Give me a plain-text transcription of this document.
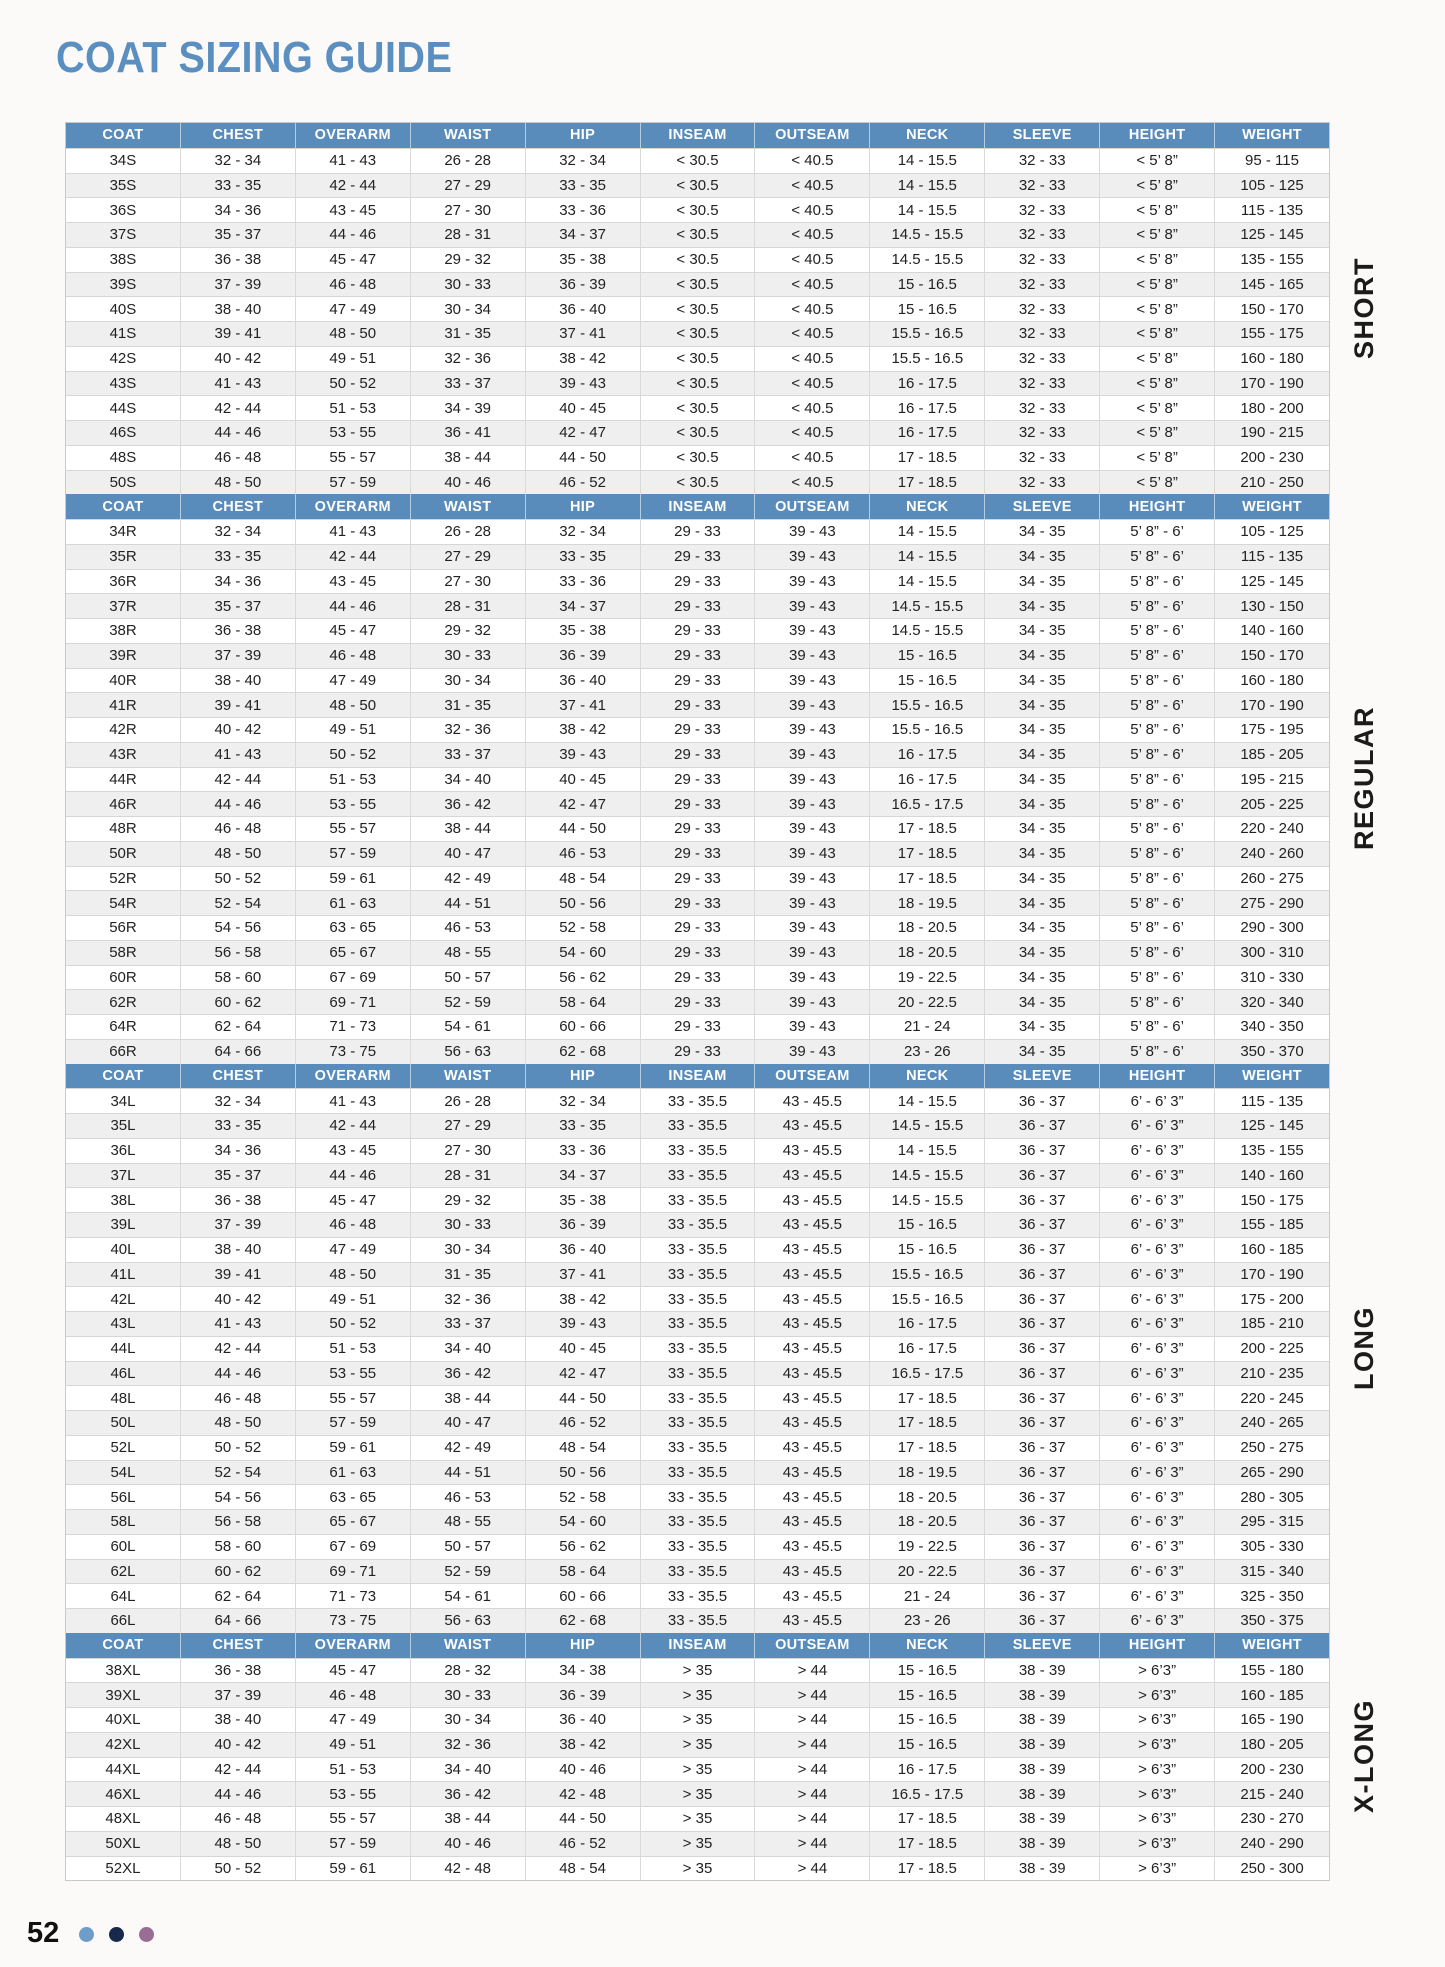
COAT SIZING GUIDE
COAT	CHEST	OVERARM	WAIST	HIP	INSEAM	OUTSEAM	NECK	SLEEVE	HEIGHT	WEIGHT
34S	32 - 34	41 - 43	26 - 28	32 - 34	< 30.5	< 40.5	14 - 15.5	32 - 33	< 5’ 8”	95 - 115
35S	33 - 35	42 - 44	27 - 29	33 - 35	< 30.5	< 40.5	14 - 15.5	32 - 33	< 5’ 8”	105 - 125
36S	34 - 36	43 - 45	27 - 30	33 - 36	< 30.5	< 40.5	14 - 15.5	32 - 33	< 5’ 8”	115 - 135
37S	35 - 37	44 - 46	28 - 31	34 - 37	< 30.5	< 40.5	14.5 - 15.5	32 - 33	< 5’ 8”	125 - 145
38S	36 - 38	45 - 47	29 - 32	35 - 38	< 30.5	< 40.5	14.5 - 15.5	32 - 33	< 5’ 8”	135 - 155
39S	37 - 39	46 - 48	30 - 33	36 - 39	< 30.5	< 40.5	15 - 16.5	32 - 33	< 5’ 8”	145 - 165
40S	38 - 40	47 - 49	30 - 34	36 - 40	< 30.5	< 40.5	15 - 16.5	32 - 33	< 5’ 8”	150 - 170
41S	39 - 41	48 - 50	31 - 35	37 - 41	< 30.5	< 40.5	15.5 - 16.5	32 - 33	< 5’ 8”	155 - 175
42S	40 - 42	49 - 51	32 - 36	38 - 42	< 30.5	< 40.5	15.5 - 16.5	32 - 33	< 5’ 8”	160 - 180
43S	41 - 43	50 - 52	33 - 37	39 - 43	< 30.5	< 40.5	16 - 17.5	32 - 33	< 5’ 8”	170 - 190
44S	42 - 44	51 - 53	34 - 39	40 - 45	< 30.5	< 40.5	16 - 17.5	32 - 33	< 5’ 8”	180 - 200
46S	44 - 46	53 - 55	36 - 41	42 - 47	< 30.5	< 40.5	16 - 17.5	32 - 33	< 5’ 8”	190 - 215
48S	46 - 48	55 - 57	38 - 44	44 - 50	< 30.5	< 40.5	17 - 18.5	32 - 33	< 5’ 8”	200 - 230
50S	48 - 50	57 - 59	40 - 46	46 - 52	< 30.5	< 40.5	17 - 18.5	32 - 33	< 5’ 8”	210 - 250
COAT	CHEST	OVERARM	WAIST	HIP	INSEAM	OUTSEAM	NECK	SLEEVE	HEIGHT	WEIGHT
34R	32 - 34	41 - 43	26 - 28	32 - 34	29 - 33	39 - 43	14 - 15.5	34 - 35	5’ 8” - 6’	105 - 125
35R	33 - 35	42 - 44	27 - 29	33 - 35	29 - 33	39 - 43	14 - 15.5	34 - 35	5’ 8” - 6’	115 - 135
36R	34 - 36	43 - 45	27 - 30	33 - 36	29 - 33	39 - 43	14 - 15.5	34 - 35	5’ 8” - 6’	125 - 145
37R	35 - 37	44 - 46	28 - 31	34 - 37	29 - 33	39 - 43	14.5 - 15.5	34 - 35	5’ 8” - 6’	130 - 150
38R	36 - 38	45 - 47	29 - 32	35 - 38	29 - 33	39 - 43	14.5 - 15.5	34 - 35	5’ 8” - 6’	140 - 160
39R	37 - 39	46 - 48	30 - 33	36 - 39	29 - 33	39 - 43	15 - 16.5	34 - 35	5’ 8” - 6’	150 - 170
40R	38 - 40	47 - 49	30 - 34	36 - 40	29 - 33	39 - 43	15 - 16.5	34 - 35	5’ 8” - 6’	160 - 180
41R	39 - 41	48 - 50	31 - 35	37 - 41	29 - 33	39 - 43	15.5 - 16.5	34 - 35	5’ 8” - 6’	170 - 190
42R	40 - 42	49 - 51	32 - 36	38 - 42	29 - 33	39 - 43	15.5 - 16.5	34 - 35	5’ 8” - 6’	175 - 195
43R	41 - 43	50 - 52	33 - 37	39 - 43	29 - 33	39 - 43	16 - 17.5	34 - 35	5’ 8” - 6’	185 - 205
44R	42 - 44	51 - 53	34 - 40	40 - 45	29 - 33	39 - 43	16 - 17.5	34 - 35	5’ 8” - 6’	195 - 215
46R	44 - 46	53 - 55	36 - 42	42 - 47	29 - 33	39 - 43	16.5 - 17.5	34 - 35	5’ 8” - 6’	205 - 225
48R	46 - 48	55 - 57	38 - 44	44 - 50	29 - 33	39 - 43	17 - 18.5	34 - 35	5’ 8” - 6’	220 - 240
50R	48 - 50	57 - 59	40 - 47	46 - 53	29 - 33	39 - 43	17 - 18.5	34 - 35	5’ 8” - 6’	240 - 260
52R	50 - 52	59 - 61	42 - 49	48 - 54	29 - 33	39 - 43	17 - 18.5	34 - 35	5’ 8” - 6’	260 - 275
54R	52 - 54	61 - 63	44 - 51	50 - 56	29 - 33	39 - 43	18 - 19.5	34 - 35	5’ 8” - 6’	275 - 290
56R	54 - 56	63 - 65	46 - 53	52 - 58	29 - 33	39 - 43	18 - 20.5	34 - 35	5’ 8” - 6’	290 - 300
58R	56 - 58	65 - 67	48 - 55	54 - 60	29 - 33	39 - 43	18 - 20.5	34 - 35	5’ 8” - 6’	300 - 310
60R	58 - 60	67 - 69	50 - 57	56 - 62	29 - 33	39 - 43	19 - 22.5	34 - 35	5’ 8” - 6’	310 - 330
62R	60 - 62	69 - 71	52 - 59	58 - 64	29 - 33	39 - 43	20 - 22.5	34 - 35	5’ 8” - 6’	320 - 340
64R	62 - 64	71 - 73	54 - 61	60 - 66	29 - 33	39 - 43	21 - 24	34 - 35	5’ 8” - 6’	340 - 350
66R	64 - 66	73 - 75	56 - 63	62 - 68	29 - 33	39 - 43	23 - 26	34 - 35	5’ 8” - 6’	350 - 370
COAT	CHEST	OVERARM	WAIST	HIP	INSEAM	OUTSEAM	NECK	SLEEVE	HEIGHT	WEIGHT
34L	32 - 34	41 - 43	26 - 28	32 - 34	33 - 35.5	43 - 45.5	14 - 15.5	36 - 37	6’ - 6’ 3”	115 - 135
35L	33 - 35	42 - 44	27 - 29	33 - 35	33 - 35.5	43 - 45.5	14.5 - 15.5	36 - 37	6’ - 6’ 3”	125 - 145
36L	34 - 36	43 - 45	27 - 30	33 - 36	33 - 35.5	43 - 45.5	14 - 15.5	36 - 37	6’ - 6’ 3”	135 - 155
37L	35 - 37	44 - 46	28 - 31	34 - 37	33 - 35.5	43 - 45.5	14.5 - 15.5	36 - 37	6’ - 6’ 3”	140 - 160
38L	36 - 38	45 - 47	29 - 32	35 - 38	33 - 35.5	43 - 45.5	14.5 - 15.5	36 - 37	6’ - 6’ 3”	150 - 175
39L	37 - 39	46 - 48	30 - 33	36 - 39	33 - 35.5	43 - 45.5	15 - 16.5	36 - 37	6’ - 6’ 3”	155 - 185
40L	38 - 40	47 - 49	30 - 34	36 - 40	33 - 35.5	43 - 45.5	15 - 16.5	36 - 37	6’ - 6’ 3”	160 - 185
41L	39 - 41	48 - 50	31 - 35	37 - 41	33 - 35.5	43 - 45.5	15.5 - 16.5	36 - 37	6’ - 6’ 3”	170 - 190
42L	40 - 42	49 - 51	32 - 36	38 - 42	33 - 35.5	43 - 45.5	15.5 - 16.5	36 - 37	6’ - 6’ 3”	175 - 200
43L	41 - 43	50 - 52	33 - 37	39 - 43	33 - 35.5	43 - 45.5	16 - 17.5	36 - 37	6’ - 6’ 3”	185 - 210
44L	42 - 44	51 - 53	34 - 40	40 - 45	33 - 35.5	43 - 45.5	16 - 17.5	36 - 37	6’ - 6’ 3”	200 - 225
46L	44 - 46	53 - 55	36 - 42	42 - 47	33 - 35.5	43 - 45.5	16.5 - 17.5	36 - 37	6’ - 6’ 3”	210 - 235
48L	46 - 48	55 - 57	38 - 44	44 - 50	33 - 35.5	43 - 45.5	17 - 18.5	36 - 37	6’ - 6’ 3”	220 - 245
50L	48 - 50	57 - 59	40 - 47	46 - 52	33 - 35.5	43 - 45.5	17 - 18.5	36 - 37	6’ - 6’ 3”	240 - 265
52L	50 - 52	59 - 61	42 - 49	48 - 54	33 - 35.5	43 - 45.5	17 - 18.5	36 - 37	6’ - 6’ 3”	250 - 275
54L	52 - 54	61 - 63	44 - 51	50 - 56	33 - 35.5	43 - 45.5	18 - 19.5	36 - 37	6’ - 6’ 3”	265 - 290
56L	54 - 56	63 - 65	46 - 53	52 - 58	33 - 35.5	43 - 45.5	18 - 20.5	36 - 37	6’ - 6’ 3”	280 - 305
58L	56 - 58	65 - 67	48 - 55	54 - 60	33 - 35.5	43 - 45.5	18 - 20.5	36 - 37	6’ - 6’ 3”	295 - 315
60L	58 - 60	67 - 69	50 - 57	56 - 62	33 - 35.5	43 - 45.5	19 - 22.5	36 - 37	6’ - 6’ 3”	305 - 330
62L	60 - 62	69 - 71	52 - 59	58 - 64	33 - 35.5	43 - 45.5	20 - 22.5	36 - 37	6’ - 6’ 3”	315 - 340
64L	62 - 64	71 - 73	54 - 61	60 - 66	33 - 35.5	43 - 45.5	21 - 24	36 - 37	6’ - 6’ 3”	325 - 350
66L	64 - 66	73 - 75	56 - 63	62 - 68	33 - 35.5	43 - 45.5	23 - 26	36 - 37	6’ - 6’ 3”	350 - 375
COAT	CHEST	OVERARM	WAIST	HIP	INSEAM	OUTSEAM	NECK	SLEEVE	HEIGHT	WEIGHT
38XL	36 - 38	45 - 47	28 - 32	34 - 38	> 35	> 44	15 - 16.5	38 - 39	> 6’3”	155 - 180
39XL	37 - 39	46 - 48	30 - 33	36 - 39	> 35	> 44	15 - 16.5	38 - 39	> 6’3”	160 - 185
40XL	38 - 40	47 - 49	30 - 34	36 - 40	> 35	> 44	15 - 16.5	38 - 39	> 6’3”	165 - 190
42XL	40 - 42	49 - 51	32 - 36	38 - 42	> 35	> 44	15 - 16.5	38 - 39	> 6’3”	180 - 205
44XL	42 - 44	51 - 53	34 - 40	40 - 46	> 35	> 44	16 - 17.5	38 - 39	> 6’3”	200 - 230
46XL	44 - 46	53 - 55	36 - 42	42 - 48	> 35	> 44	16.5 - 17.5	38 - 39	> 6’3”	215 - 240
48XL	46 - 48	55 - 57	38 - 44	44 - 50	> 35	> 44	17 - 18.5	38 - 39	> 6’3”	230 - 270
50XL	48 - 50	57 - 59	40 - 46	46 - 52	> 35	> 44	17 - 18.5	38 - 39	> 6’3”	240 - 290
52XL	50 - 52	59 - 61	42 - 48	48 - 54	> 35	> 44	17 - 18.5	38 - 39	> 6’3”	250 - 300
52
SHORT
REGULAR
LONG
X-LONG
